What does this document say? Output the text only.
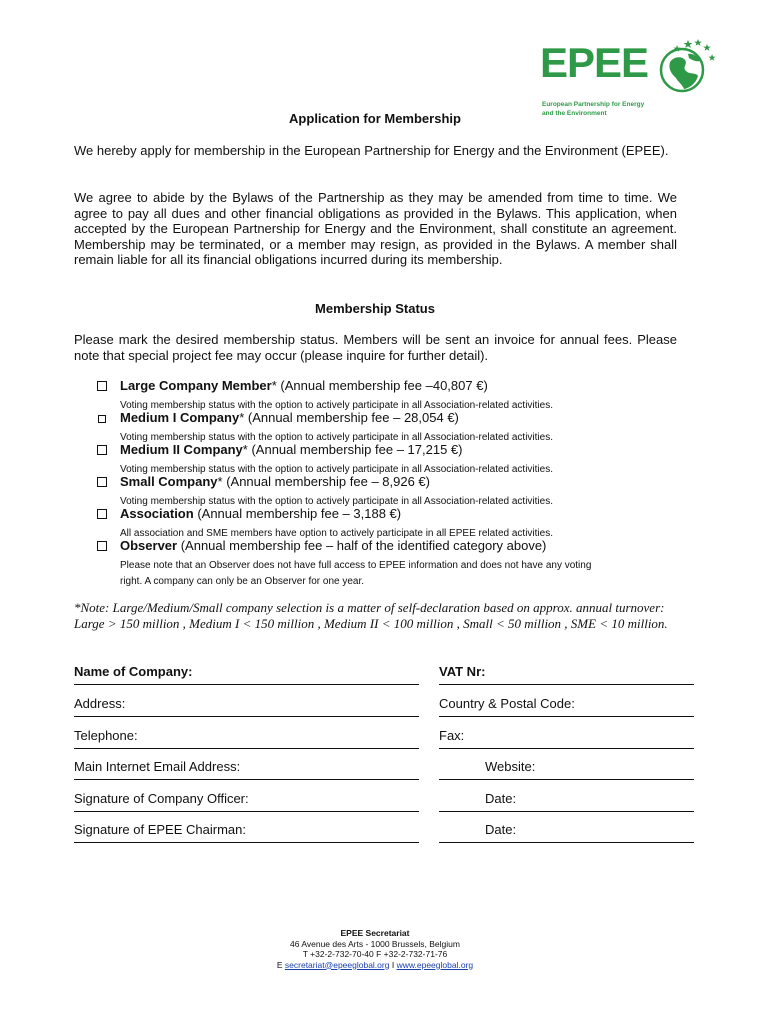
EPEE
European Partnership for Energy
and the Environment
Application for Membership

We hereby apply for membership in the European Partnership for Energy and the Environment (EPEE).

We agree to abide by the Bylaws of the Partnership as they may be amended from time to time. We agree to pay all dues and other financial obligations as provided in the Bylaws. This application, when accepted by the European Partnership for Energy and the Environment, shall constitute an agreement. Membership may be terminated, or a member may resign, as provided in the Bylaws. A member shall remain liable for all its financial obligations incurred during its membership.

Membership Status

Please mark the desired membership status. Members will be sent an invoice for annual fees. Please note that special project fee may occur (please inquire for further detail).

Large Company Member* (Annual membership fee –40,807 €)
Voting membership status with the option to actively participate in all Association-related activities.
Medium I Company* (Annual membership fee – 28,054 €)
Voting membership status with the option to actively participate in all Association-related activities.
Medium II Company* (Annual membership fee – 17,215 €)
Voting membership status with the option to actively participate in all Association-related activities.
Small Company* (Annual membership fee – 8,926 €)
Voting membership status with the option to actively participate in all Association-related activities.
Association (Annual membership fee – 3,188 €)
All association and SME members have option to actively participate in all EPEE related activities.
Observer (Annual membership fee – half of the identified category above)
Please note that an Observer does not have full access to EPEE information and does not have any voting
right. A company can only be an Observer for one year.

*Note: Large/Medium/Small company selection is a matter of self-declaration based on approx. annual turnover: Large > 150 million , Medium I < 150 million , Medium II < 100 million , Small < 50 million , SME < 10 million.

Name of Company:	VAT Nr:
Address:	Country & Postal Code:
Telephone:	Fax:
Main Internet Email Address:	Website:
Signature of Company Officer:	Date:
Signature of EPEE Chairman:	Date:
EPEE Secretariat
46 Avenue des Arts - 1000 Brussels, Belgium
T +32-2-732-70-40 F +32-2-732-71-76
E secretariat@epeeglobal.org I www.epeeglobal.org
